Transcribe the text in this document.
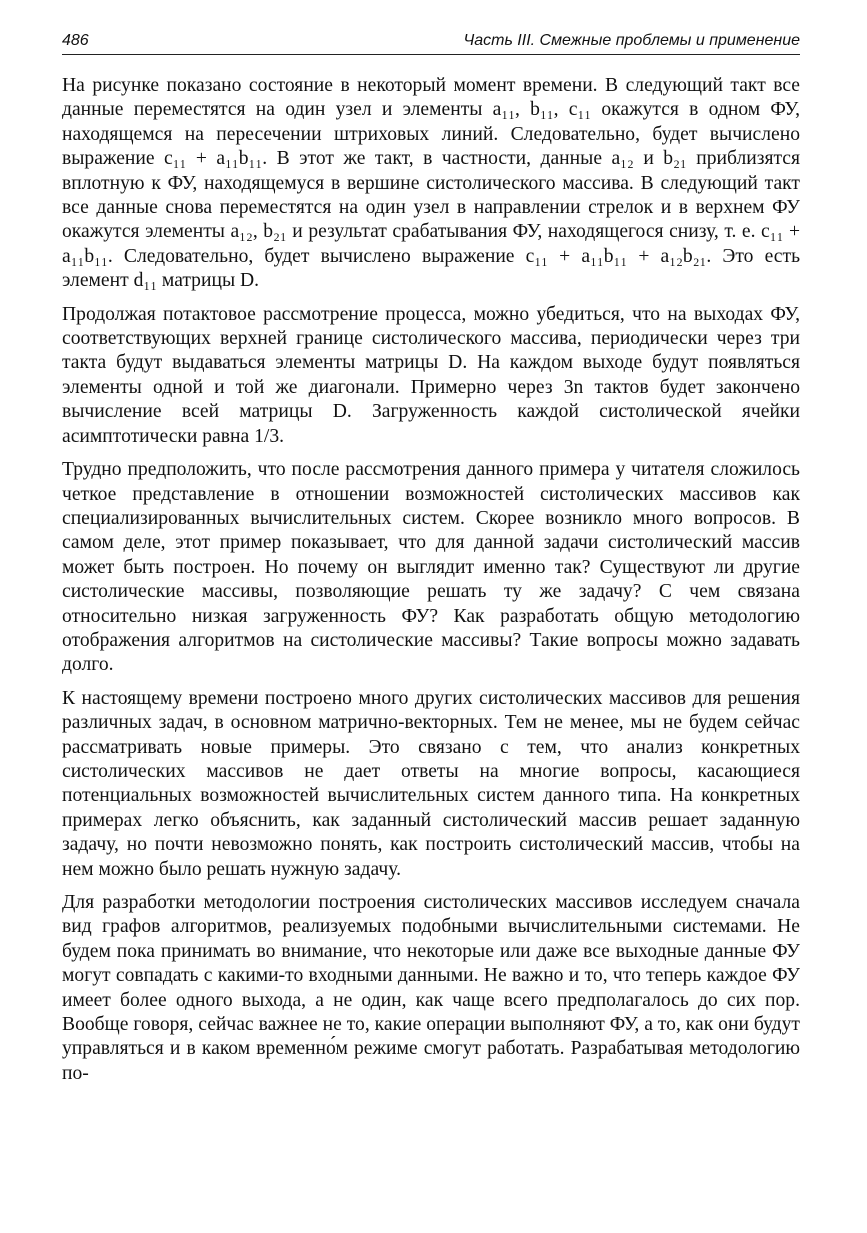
486	Часть III. Смежные проблемы и применение

На рисунке показано состояние в некоторый момент времени. В следующий такт все данные переместятся на один узел и элементы a₁₁, b₁₁, c₁₁ окажутся в одном ФУ, находящемся на пересечении штриховых линий. Следовательно, будет вычислено выражение c₁₁ + a₁₁b₁₁. В этот же такт, в частности, данные a₁₂ и b₂₁ приблизятся вплотную к ФУ, находящемуся в вершине систолического массива. В следующий такт все данные снова переместятся на один узел в направлении стрелок и в верхнем ФУ окажутся элементы a₁₂, b₂₁ и результат срабатывания ФУ, находящегося снизу, т. е. c₁₁ + a₁₁b₁₁. Следовательно, будет вычислено выражение c₁₁ + a₁₁b₁₁ + a₁₂b₂₁. Это есть элемент d₁₁ матрицы D.

Продолжая потактовое рассмотрение процесса, можно убедиться, что на выходах ФУ, соответствующих верхней границе систолического массива, периодически через три такта будут выдаваться элементы матрицы D. На каждом выходе будут появляться элементы одной и той же диагонали. Примерно через 3n тактов будет закончено вычисление всей матрицы D. Загруженность каждой систолической ячейки асимптотически равна 1/3.

Трудно предположить, что после рассмотрения данного примера у читателя сложилось четкое представление в отношении возможностей систолических массивов как специализированных вычислительных систем. Скорее возникло много вопросов. В самом деле, этот пример показывает, что для данной задачи систолический массив может быть построен. Но почему он выглядит именно так? Существуют ли другие систолические массивы, позволяющие решать ту же задачу? С чем связана относительно низкая загруженность ФУ? Как разработать общую методологию отображения алгоритмов на систолические массивы? Такие вопросы можно задавать долго.

К настоящему времени построено много других систолических массивов для решения различных задач, в основном матрично-векторных. Тем не менее, мы не будем сейчас рассматривать новые примеры. Это связано с тем, что анализ конкретных систолических массивов не дает ответы на многие вопросы, касающиеся потенциальных возможностей вычислительных систем данного типа. На конкретных примерах легко объяснить, как заданный систолический массив решает заданную задачу, но почти невозможно понять, как построить систолический массив, чтобы на нем можно было решать нужную задачу.

Для разработки методологии построения систолических массивов исследуем сначала вид графов алгоритмов, реализуемых подобными вычислительными системами. Не будем пока принимать во внимание, что некоторые или даже все выходные данные ФУ могут совпадать с какими-то входными данными. Не важно и то, что теперь каждое ФУ имеет более одного выхода, а не один, как чаще всего предполагалось до сих пор. Вообще говоря, сейчас важнее не то, какие операции выполняют ФУ, а то, как они будут управляться и в каком временно́м режиме смогут работать. Разрабатывая методологию по-
